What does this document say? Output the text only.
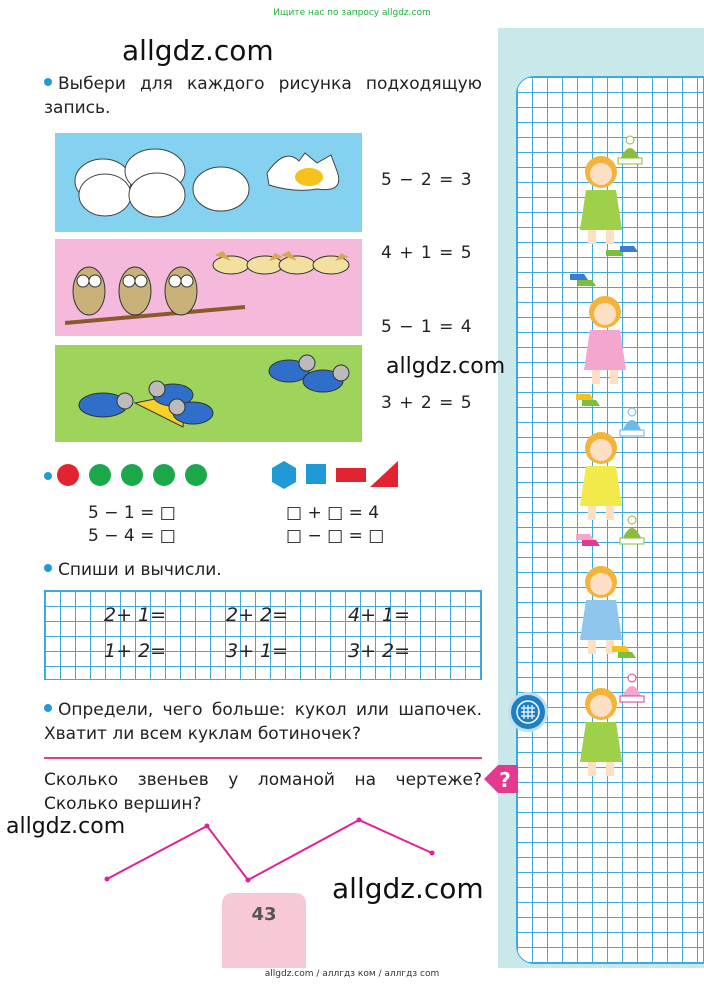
Ищите нас по запросу allgdz.com
allgdz.com
allgdz.com
allgdz.com
allgdz.com
Выбери для каждого рисунка подходящую запись.
5 − 2 = 3
4 + 1 = 5
5 − 1 = 4
3 + 2 = 5
5 − 1 = □
5 − 4 = □
□ + □ = 4
□ − □ = □
Спиши и вычисли.
2+ 1=	2+ 2=	4+ 1=
1+ 2=	3+ 1=	3+ 2=
Определи, чего больше: кукол или шапочек. Хватит ли всем куклам ботиночек?
Сколько звеньев у ломаной на чертеже? Сколько вершин?
?
43
allgdz.com / аллгдз ком / аллгдз com
